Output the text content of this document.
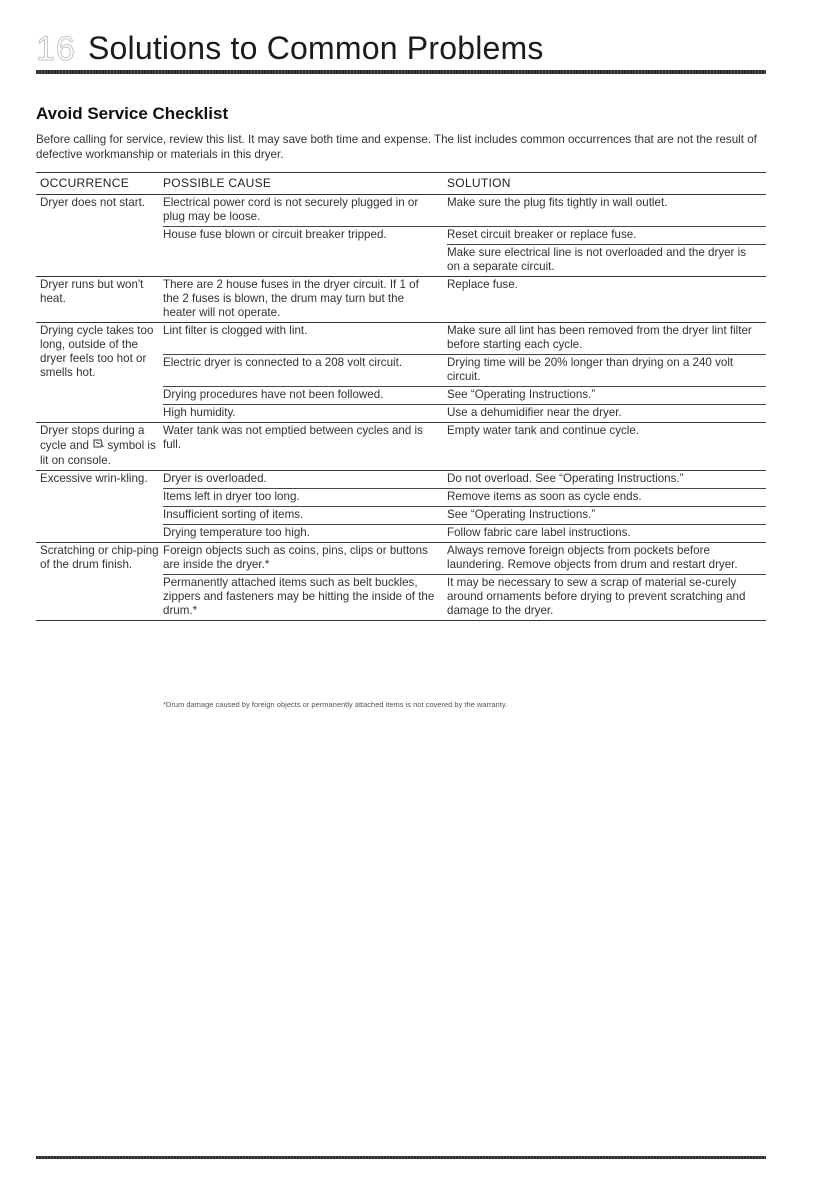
16 Solutions to Common Problems
Avoid Service Checklist

Before calling for service, review this list. It may save both time and expense. The list includes common occurrences that are not the result of defective workmanship or materials in this dryer.

OCCURRENCE	POSSIBLE CAUSE	SOLUTION
Dryer does not start.	Electrical power cord is not securely plugged in or plug may be loose.	Make sure the plug fits tightly in wall outlet.
	House fuse blown or circuit breaker tripped.	Reset circuit breaker or replace fuse.
		Make sure electrical line is not overloaded and the dryer is on a separate circuit.
Dryer runs but won't heat.	There are 2 house fuses in the dryer circuit. If 1 of the 2 fuses is blown, the drum may turn but the heater will not operate.	Replace fuse.
Drying cycle takes too long, outside of the dryer feels too hot or smells hot.	Lint filter is clogged with lint.	Make sure all lint has been removed from the dryer lint filter before starting each cycle.
	Electric dryer is connected to a 208 volt circuit.	Drying time will be 20% longer than drying on a 240 volt circuit.
	Drying procedures have not been followed.	See “Operating Instructions.”
	High humidity.	Use a dehumidifier near the dryer.
Dryer stops during a cycle and symbol is lit on console.	Water tank was not emptied between cycles and is full.	Empty water tank and continue cycle.
Excessive wrin-kling.	Dryer is overloaded.	Do not overload. See “Operating Instructions.”
	Items left in dryer too long.	Remove items as soon as cycle ends.
	Insufficient sorting of items.	See “Operating Instructions.”
	Drying temperature too high.	Follow fabric care label instructions.
Scratching or chip-ping of the drum finish.	Foreign objects such as coins, pins, clips or buttons are inside the dryer.*	Always remove foreign objects from pockets before laundering. Remove objects from drum and restart dryer.
	Permanently attached items such as belt buckles, zippers and fasteners may be hitting the inside of the drum.*	It may be necessary to sew a scrap of material se-curely around ornaments before drying to prevent scratching and damage to the dryer.
*Drum damage caused by foreign objects or permanently attached items is not covered by the warranty.
